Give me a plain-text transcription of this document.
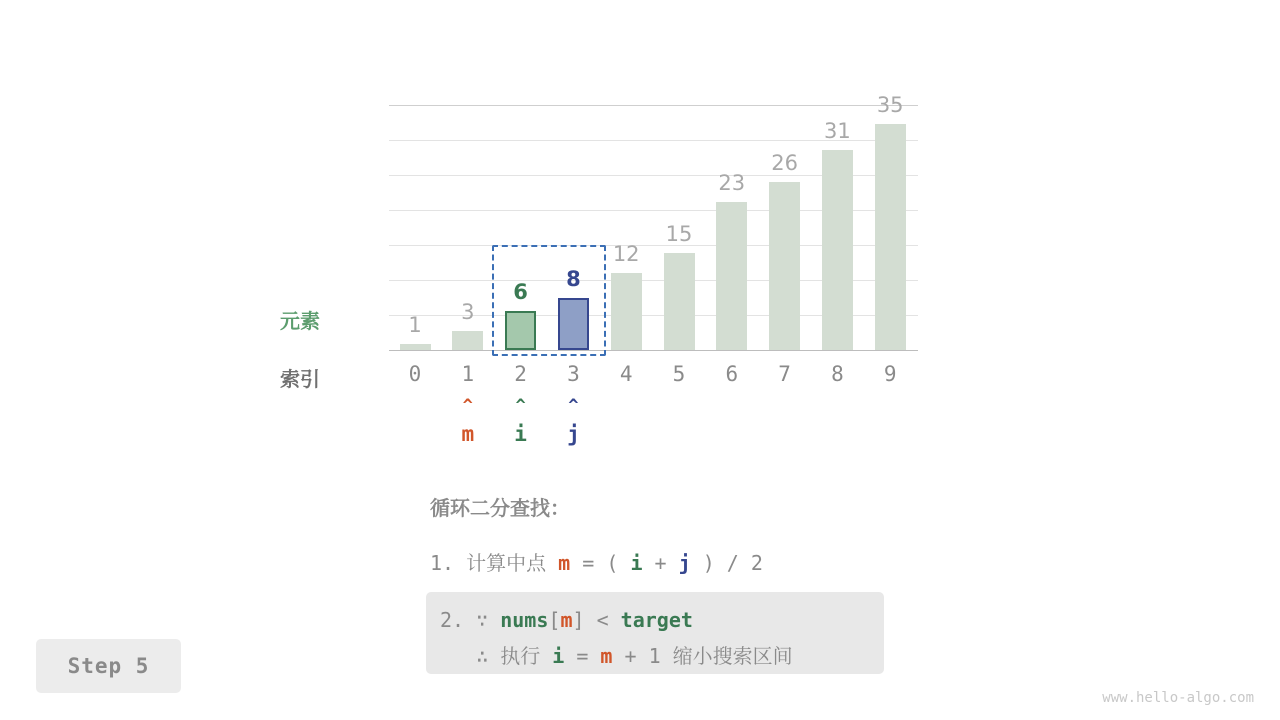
1
3
6
8
12
15
23
26
31
35
0	1	2	3	4	5	6	7	8	9
^
m
^
i
^
j
元素
索引
循环二分查找：
1. 计算中点 m = ( i + j ) / 2
2. ∵ nums[m] < target
∴ 执行 i = m + 1 缩小搜索区间
Step 5
www.hello-algo.com
